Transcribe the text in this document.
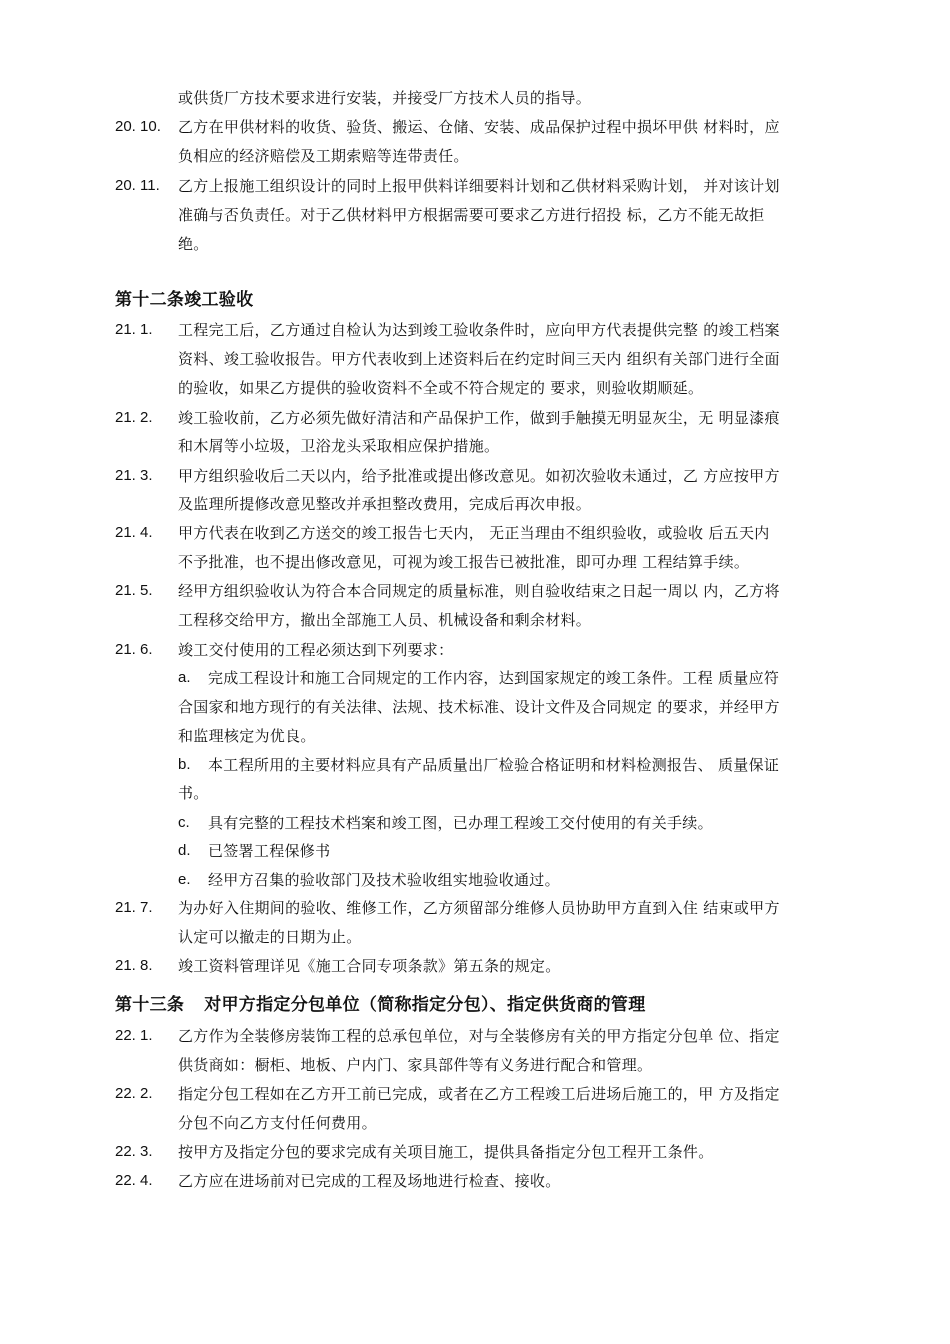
或供货厂方技术要求进行安装，并接受厂方技术人员的指导。
20. 10. 乙方在甲供材料的收货、验货、搬运、仓储、安装、成品保护过程中损坏甲供 材料时，应
负相应的经济赔偿及工期索赔等连带责任。
20. 11. 乙方上报施工组织设计的同时上报甲供料详细要料计划和乙供材料采购计划， 并对该计划
准确与否负责任。对于乙供材料甲方根据需要可要求乙方进行招投 标，乙方不能无故拒
绝。
第十二条竣工验收
21. 1. 工程完工后，乙方通过自检认为达到竣工验收条件时，应向甲方代表提供完整 的竣工档案
资料、竣工验收报告。甲方代表收到上述资料后在约定时间三天内 组织有关部门进行全面
的验收，如果乙方提供的验收资料不全或不符合规定的 要求，则验收期顺延。
21. 2. 竣工验收前，乙方必须先做好清洁和产品保护工作，做到手触摸无明显灰尘，无 明显漆痕
和木屑等小垃圾，卫浴龙头采取相应保护措施。
21. 3. 甲方组织验收后二天以内，给予批准或提出修改意见。如初次验收未通过，乙 方应按甲方
及监理所提修改意见整改并承担整改费用，完成后再次申报。
21. 4. 甲方代表在收到乙方送交的竣工报告七天内， 无正当理由不组织验收，或验收 后五天内
不予批准，也不提出修改意见，可视为竣工报告已被批准，即可办理 工程结算手续。
21. 5. 经甲方组织验收认为符合本合同规定的质量标准，则自验收结束之日起一周以 内，乙方将
工程移交给甲方，撤出全部施工人员、机械设备和剩余材料。
21. 6. 竣工交付使用的工程必须达到下列要求：
a. 完成工程设计和施工合同规定的工作内容，达到国家规定的竣工条件。工程 质量应符
合国家和地方现行的有关法律、法规、技术标准、设计文件及合同规定 的要求，并经甲方
和监理核定为优良。
b. 本工程所用的主要材料应具有产品质量出厂检验合格证明和材料检测报告、 质量保证
书。
c. 具有完整的工程技术档案和竣工图，已办理工程竣工交付使用的有关手续。
d. 已签署工程保修书
e. 经甲方召集的验收部门及技术验收组实地验收通过。
21. 7. 为办好入住期间的验收、维修工作，乙方须留部分维修人员协助甲方直到入住 结束或甲方
认定可以撤走的日期为止。
21. 8. 竣工资料管理详见《施工合同专项条款》第五条的规定。
第十三条 对甲方指定分包单位（简称指定分包）、指定供货商的管理
22. 1. 乙方作为全装修房装饰工程的总承包单位，对与全装修房有关的甲方指定分包单 位、指定
供货商如：橱柜、地板、户内门、家具部件等有义务进行配合和管理。
22. 2. 指定分包工程如在乙方开工前已完成，或者在乙方工程竣工后进场后施工的，甲 方及指定
分包不向乙方支付任何费用。
22. 3. 按甲方及指定分包的要求完成有关项目施工，提供具备指定分包工程开工条件。
22. 4. 乙方应在进场前对已完成的工程及场地进行检查、接收。
